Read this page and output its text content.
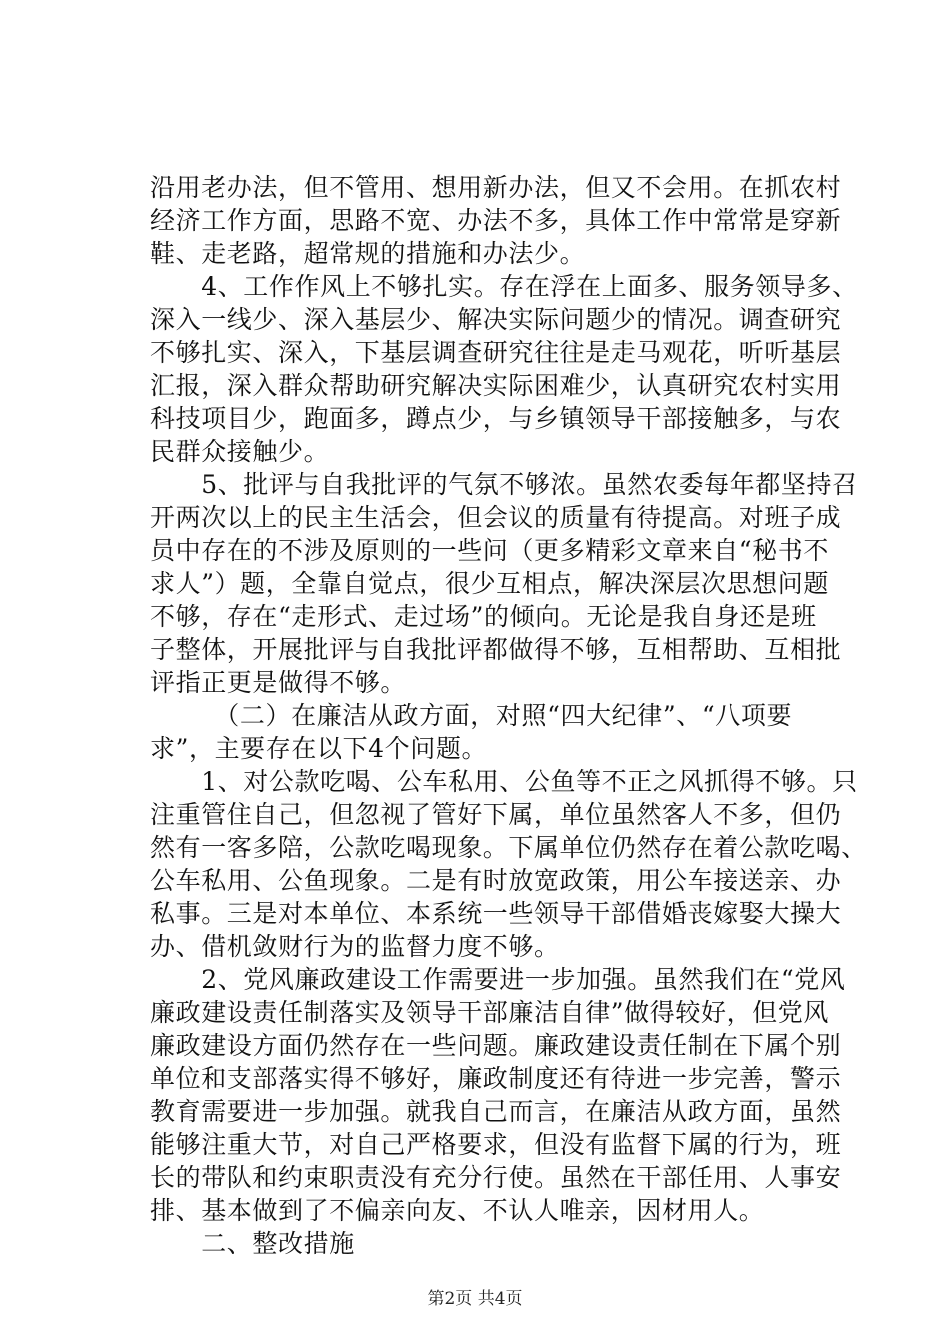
沿用老办法，但不管用、想用新办法，但又不会用。在抓农村
经济工作方面，思路不宽、办法不多，具体工作中常常是穿新
鞋、走老路，超常规的措施和办法少。
　　4、工作作风上不够扎实。存在浮在上面多、服务领导多、
深入一线少、深入基层少、解决实际问题少的情况。调查研究
不够扎实、深入，下基层调查研究往往是走马观花，听听基层
汇报，深入群众帮助研究解决实际困难少，认真研究农村实用
科技项目少，跑面多，蹲点少，与乡镇领导干部接触多，与农
民群众接触少。
　　5、批评与自我批评的气氛不够浓。虽然农委每年都坚持召
开两次以上的民主生活会，但会议的质量有待提高。对班子成
员中存在的不涉及原则的一些问（更多精彩文章来自“秘书不
求人”）题，全靠自觉点，很少互相点，解决深层次思想问题
不够，存在“走形式、走过场”的倾向。无论是我自身还是班
子整体，开展批评与自我批评都做得不够，互相帮助、互相批
评指正更是做得不够。
　　　（二）在廉洁从政方面，对照“四大纪律”、“八项要
求”，主要存在以下4个问题。
　　1、对公款吃喝、公车私用、公鱼等不正之风抓得不够。只
注重管住自己，但忽视了管好下属，单位虽然客人不多，但仍
然有一客多陪，公款吃喝现象。下属单位仍然存在着公款吃喝、
公车私用、公鱼现象。二是有时放宽政策，用公车接送亲、办
私事。三是对本单位、本系统一些领导干部借婚丧嫁娶大操大
办、借机敛财行为的监督力度不够。
　　2、党风廉政建设工作需要进一步加强。虽然我们在“党风
廉政建设责任制落实及领导干部廉洁自律”做得较好，但党风
廉政建设方面仍然存在一些问题。廉政建设责任制在下属个别
单位和支部落实得不够好，廉政制度还有待进一步完善，警示
教育需要进一步加强。就我自己而言，在廉洁从政方面，虽然
能够注重大节，对自己严格要求，但没有监督下属的行为，班
长的带队和约束职责没有充分行使。虽然在干部任用、人事安
排、基本做到了不偏亲向友、不认人唯亲，因材用人。
　　二、整改措施
第2页 共4页
